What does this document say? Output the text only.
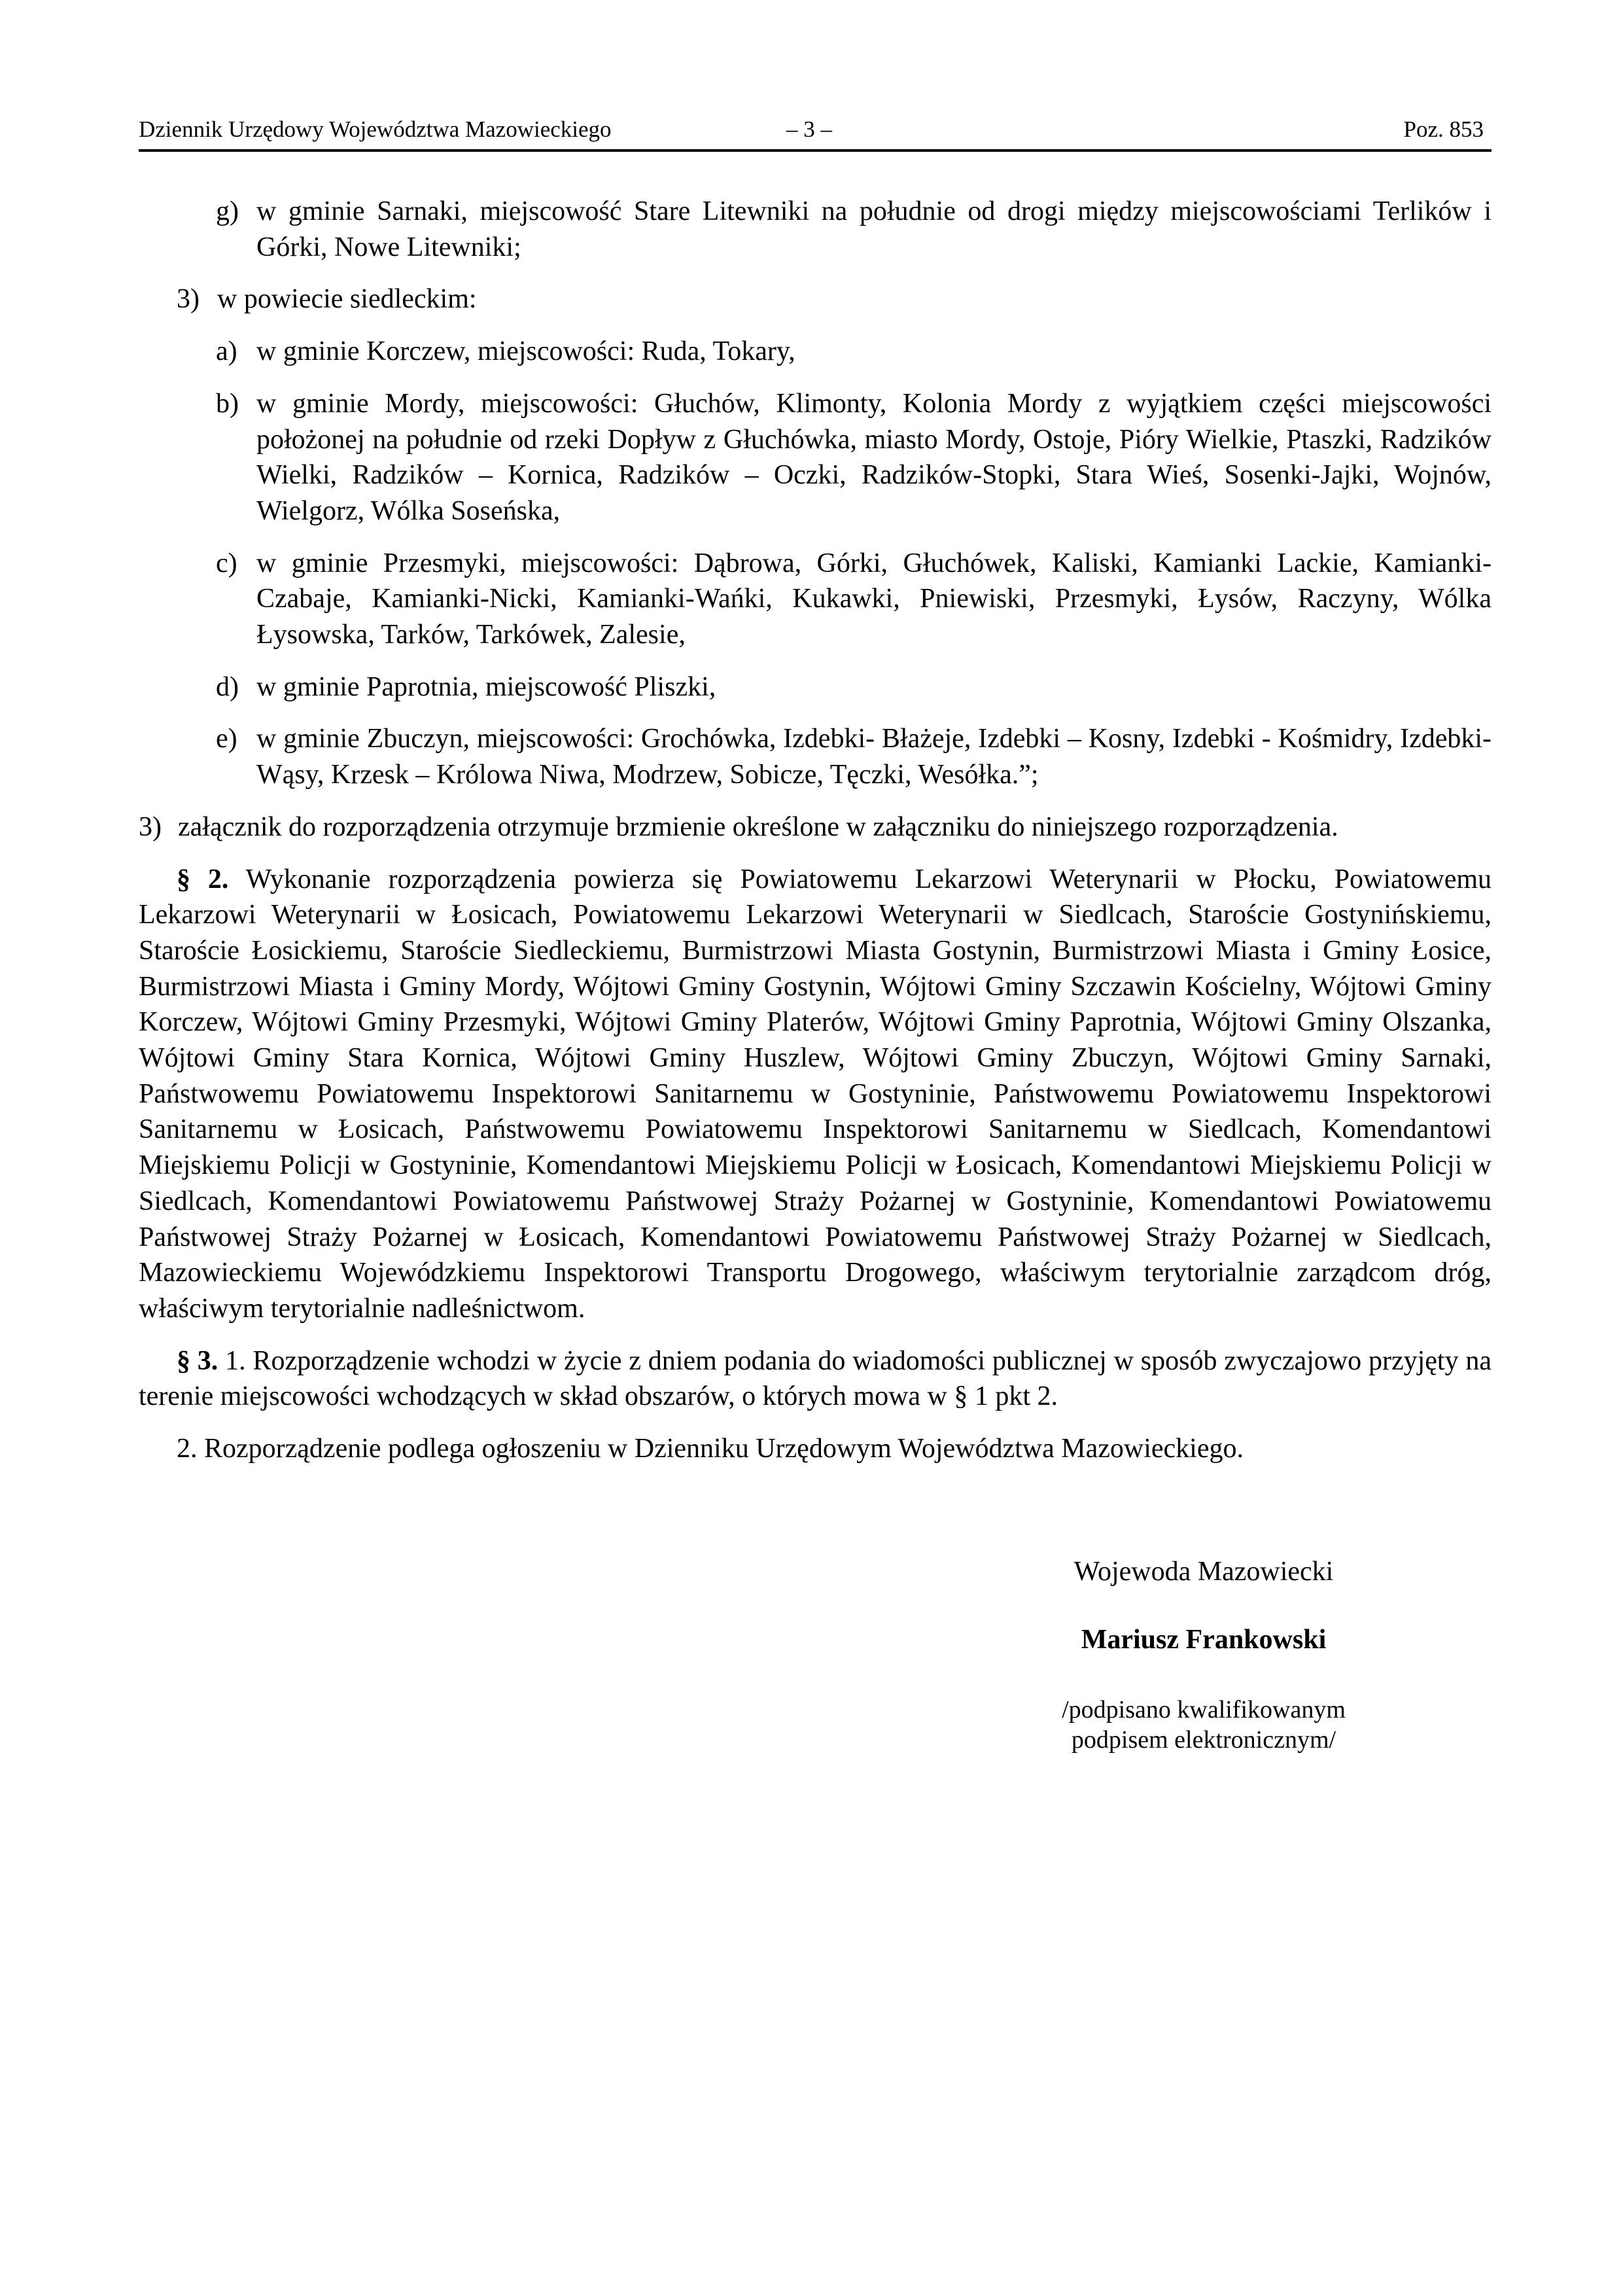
Dziennik Urzędowy Województwa Mazowieckiego	– 3 –	Poz. 853
g) w gminie Sarnaki, miejscowość Stare Litewniki na południe od drogi między miejscowościami Terlików i Górki, Nowe Litewniki;
3) w powiecie siedleckim:
a) w gminie Korczew, miejscowości: Ruda, Tokary,
b) w gminie Mordy, miejscowości: Głuchów, Klimonty, Kolonia Mordy z wyjątkiem części miejscowości położonej na południe od rzeki Dopływ z Głuchówka, miasto Mordy, Ostoje, Pióry Wielkie, Ptaszki, Radzików Wielki, Radzików – Kornica, Radzików – Oczki, Radzików-Stopki, Stara Wieś, Sosenki-Jajki, Wojnów, Wielgorz, Wólka Soseńska,
c) w gminie Przesmyki, miejscowości: Dąbrowa, Górki, Głuchówek, Kaliski, Kamianki Lackie, Kamianki-Czabaje, Kamianki-Nicki, Kamianki-Wańki, Kukawki, Pniewiski, Przesmyki, Łysów, Raczyny, Wólka Łysowska, Tarków, Tarkówek, Zalesie,
d) w gminie Paprotnia, miejscowość Pliszki,
e) w gminie Zbuczyn, miejscowości: Grochówka, Izdebki- Błażeje, Izdebki – Kosny, Izdebki - Kośmidry, Izdebki-Wąsy, Krzesk – Królowa Niwa, Modrzew, Sobicze, Tęczki, Wesółka.”;
3) załącznik do rozporządzenia otrzymuje brzmienie określone w załączniku do niniejszego rozporządzenia.
§ 2. Wykonanie rozporządzenia powierza się Powiatowemu Lekarzowi Weterynarii w Płocku, Powiatowemu Lekarzowi Weterynarii w Łosicach, Powiatowemu Lekarzowi Weterynarii w Siedlcach, Staroście Gostynińskiemu, Staroście Łosickiemu, Staroście Siedleckiemu, Burmistrzowi Miasta Gostynin, Burmistrzowi Miasta i Gminy Łosice, Burmistrzowi Miasta i Gminy Mordy, Wójtowi Gminy Gostynin, Wójtowi Gminy Szczawin Kościelny, Wójtowi Gminy Korczew, Wójtowi Gminy Przesmyki, Wójtowi Gminy Platerów, Wójtowi Gminy Paprotnia, Wójtowi Gminy Olszanka, Wójtowi Gminy Stara Kornica, Wójtowi Gminy Huszlew, Wójtowi Gminy Zbuczyn, Wójtowi Gminy Sarnaki, Państwowemu Powiatowemu Inspektorowi Sanitarnemu w Gostyninie, Państwowemu Powiatowemu Inspektorowi Sanitarnemu w Łosicach, Państwowemu Powiatowemu Inspektorowi Sanitarnemu w Siedlcach, Komendantowi Miejskiemu Policji w Gostyninie, Komendantowi Miejskiemu Policji w Łosicach, Komendantowi Miejskiemu Policji w Siedlcach, Komendantowi Powiatowemu Państwowej Straży Pożarnej w Gostyninie, Komendantowi Powiatowemu Państwowej Straży Pożarnej w Łosicach, Komendantowi Powiatowemu Państwowej Straży Pożarnej w Siedlcach, Mazowieckiemu Wojewódzkiemu Inspektorowi Transportu Drogowego, właściwym terytorialnie zarządcom dróg, właściwym terytorialnie nadleśnictwom.
§ 3. 1. Rozporządzenie wchodzi w życie z dniem podania do wiadomości publicznej w sposób zwyczajowo przyjęty na terenie miejscowości wchodzących w skład obszarów, o których mowa w § 1 pkt 2.
2. Rozporządzenie podlega ogłoszeniu w Dzienniku Urzędowym Województwa Mazowieckiego.
Wojewoda Mazowiecki
Mariusz Frankowski
/podpisano kwalifikowanym
podpisem elektronicznym/
